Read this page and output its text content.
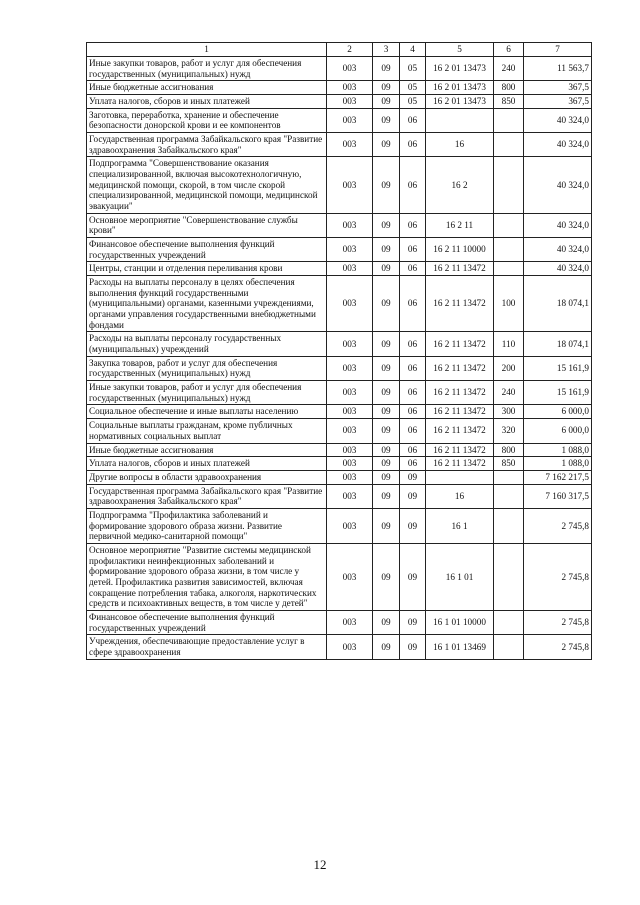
1	2	3	4	5	6	7
Иные закупки товаров, работ и услуг для обеспечения государственных (муниципальных) нужд	003	09	05	16 2 01 13473	240	11 563,7
Иные бюджетные ассигнования	003	09	05	16 2 01 13473	800	367,5
Уплата налогов, сборов и иных платежей	003	09	05	16 2 01 13473	850	367,5
Заготовка, переработка, хранение и обеспечение безопасности донорской крови и ее компонентов	003	09	06			40 324,0
Государственная программа Забайкальского края "Развитие здравоохранения Забайкальского края"	003	09	06	16		40 324,0
Подпрограмма "Совершенствование оказания специализированной, включая высокотехнологичную, медицинской помощи, скорой, в том числе скорой специализированной, медицинской помощи, медицинской эвакуации"	003	09	06	16 2		40 324,0
Основное мероприятие "Совершенствование службы крови"	003	09	06	16 2 11		40 324,0
Финансовое обеспечение выполнения функций государственных учреждений	003	09	06	16 2 11 10000		40 324,0
Центры, станции и отделения переливания крови	003	09	06	16 2 11 13472		40 324,0
Расходы на выплаты персоналу в целях обеспечения выполнения функций государственными (муниципальными) органами, казенными учреждениями, органами управления государственными внебюджетными фондами	003	09	06	16 2 11 13472	100	18 074,1
Расходы на выплаты персоналу государственных (муниципальных) учреждений	003	09	06	16 2 11 13472	110	18 074,1
Закупка товаров, работ и услуг для обеспечения государственных (муниципальных) нужд	003	09	06	16 2 11 13472	200	15 161,9
Иные закупки товаров, работ и услуг для обеспечения государственных (муниципальных) нужд	003	09	06	16 2 11 13472	240	15 161,9
Социальное обеспечение и иные выплаты населению	003	09	06	16 2 11 13472	300	6 000,0
Социальные выплаты гражданам, кроме публичных нормативных социальных выплат	003	09	06	16 2 11 13472	320	6 000,0
Иные бюджетные ассигнования	003	09	06	16 2 11 13472	800	1 088,0
Уплата налогов, сборов и иных платежей	003	09	06	16 2 11 13472	850	1 088,0
Другие вопросы в области здравоохранения	003	09	09			7 162 217,5
Государственная программа Забайкальского края "Развитие здравоохранения Забайкальского края"	003	09	09	16		7 160 317,5
Подпрограмма "Профилактика заболеваний и формирование здорового образа жизни. Развитие первичной медико-санитарной помощи"	003	09	09	16 1		2 745,8
Основное мероприятие "Развитие системы медицинской профилактики неинфекционных заболеваний и формирование здорового образа жизни, в том числе у детей. Профилактика развития зависимостей, включая сокращение потребления табака, алкоголя, наркотических средств и психоактивных веществ, в том числе у детей"	003	09	09	16 1 01		2 745,8
Финансовое обеспечение выполнения функций государственных учреждений	003	09	09	16 1 01 10000		2 745,8
Учреждения, обеспечивающие предоставление услуг в сфере здравоохранения	003	09	09	16 1 01 13469		2 745,8
12
